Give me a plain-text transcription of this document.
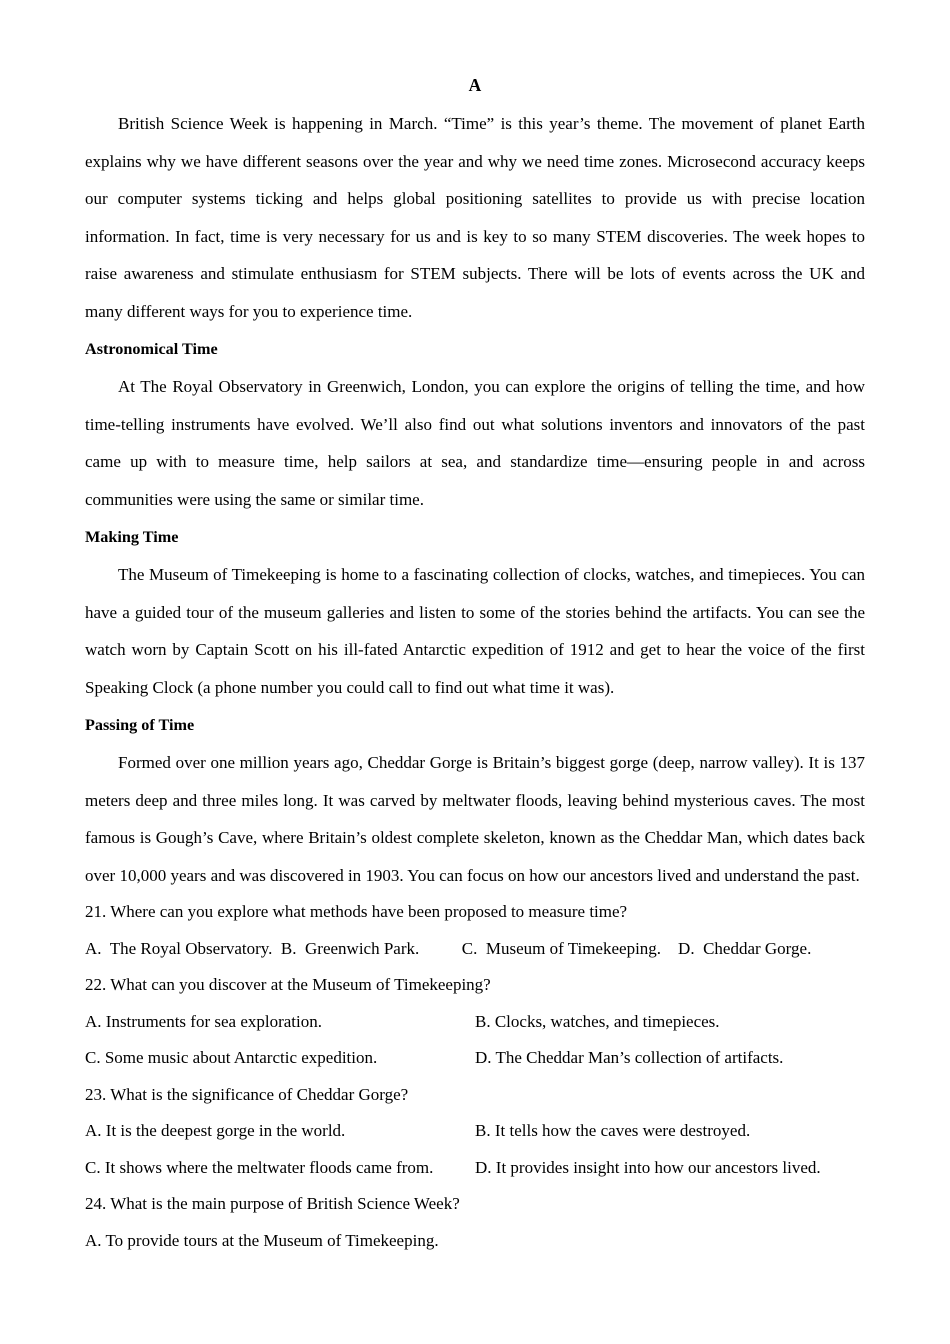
A

British Science Week is happening in March. “Time” is this year’s theme. The movement of planet Earth explains why we have different seasons over the year and why we need time zones. Microsecond accuracy keeps our computer systems ticking and helps global positioning satellites to provide us with precise location information. In fact, time is very necessary for us and is key to so many STEM discoveries. The week hopes to raise awareness and stimulate enthusiasm for STEM subjects. There will be lots of events across the UK and many different ways for you to experience time.

Astronomical Time

At The Royal Observatory in Greenwich, London, you can explore the origins of telling the time, and how time-telling instruments have evolved. We’ll also find out what solutions inventors and innovators of the past came up with to measure time, help sailors at sea, and standardize time—ensuring people in and across communities were using the same or similar time.

Making Time

The Museum of Timekeeping is home to a fascinating collection of clocks, watches, and timepieces. You can have a guided tour of the museum galleries and listen to some of the stories behind the artifacts. You can see the watch worn by Captain Scott on his ill-fated Antarctic expedition of 1912 and get to hear the voice of the first Speaking Clock (a phone number you could call to find out what time it was).

Passing of Time

Formed over one million years ago, Cheddar Gorge is Britain’s biggest gorge (deep, narrow valley). It is 137 meters deep and three miles long. It was carved by meltwater floods, leaving behind mysterious caves. The most famous is Gough’s Cave, where Britain’s oldest complete skeleton, known as the Cheddar Man, which dates back over 10,000 years and was discovered in 1903. You can focus on how our ancestors lived and understand the past.

21. Where can you explore what methods have been proposed to measure time?

A.  The Royal Observatory.  B.  Greenwich Park.          C.  Museum of Timekeeping.    D.  Cheddar Gorge.

22. What can you discover at the Museum of Timekeeping?

A. Instruments for sea exploration.	B. Clocks, watches, and timepieces.
C. Some music about Antarctic expedition.	D. The Cheddar Man’s collection of artifacts.

23. What is the significance of Cheddar Gorge?

A. It is the deepest gorge in the world.	B. It tells how the caves were destroyed.
C. It shows where the meltwater floods came from.	D. It provides insight into how our ancestors lived.

24. What is the main purpose of British Science Week?

A. To provide tours at the Museum of Timekeeping.
